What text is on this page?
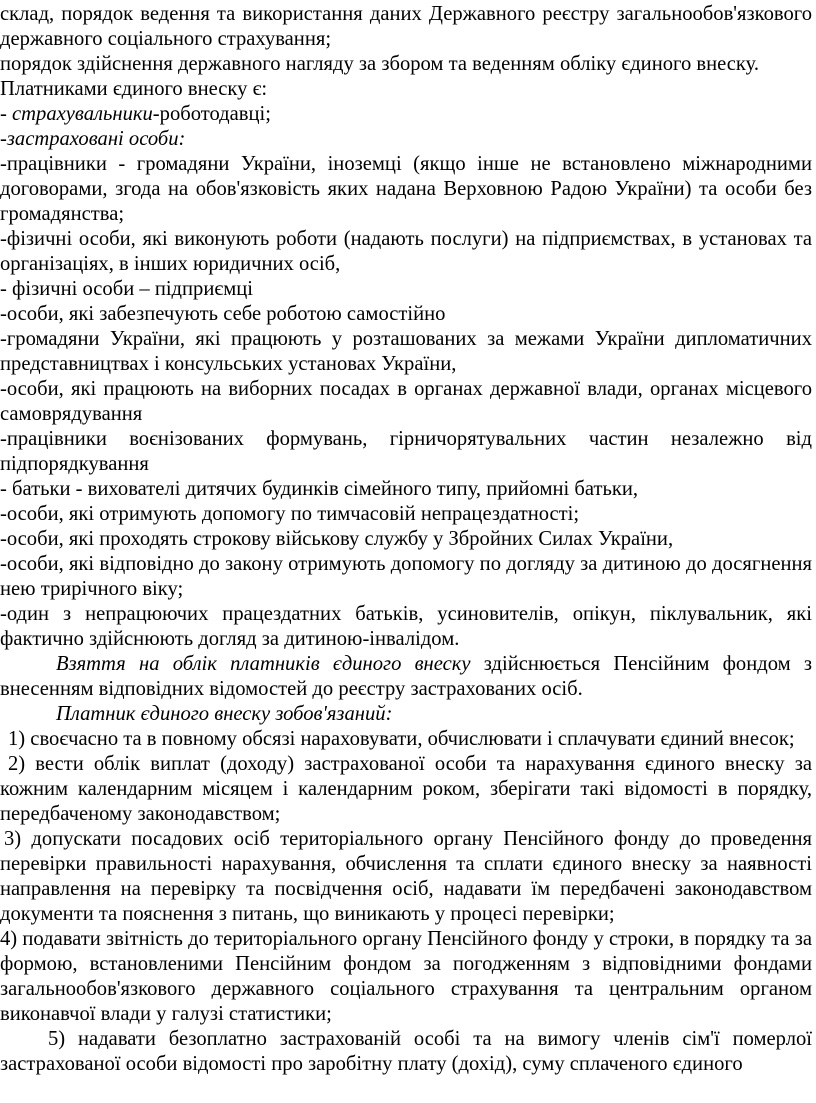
склад, порядок ведення та використання даних Державного реєстру загальнообов'язкового державного соціального страхування;

порядок здійснення державного нагляду за збором та веденням обліку єдиного внеску.

Платниками єдиного внеску є:

- страхувальники-роботодавці;

-застраховані особи:

-працівники - громадяни України, іноземці (якщо інше не встановлено міжнародними договорами, згода на обов'язковість яких надана Верховною Радою України) та особи без громадянства;

-фізичні особи, які виконують роботи (надають послуги) на підприємствах, в установах та організаціях, в інших юридичних осіб,

- фізичні особи – підприємці

-особи, які забезпечують себе роботою самостійно

-громадяни України, які працюють у розташованих за межами України дипломатичних представництвах і консульських установах України,

-особи, які працюють на виборних посадах в органах державної влади, органах місцевого самоврядування

-працівники воєнізованих формувань, гірничорятувальних частин незалежно від підпорядкування

- батьки - вихователі дитячих будинків сімейного типу, прийомні батьки,

-особи, які отримують допомогу по тимчасовій непрацездатності;

-особи, які проходять строкову військову службу у Збройних Силах України,

-особи, які відповідно до закону отримують допомогу по догляду за дитиною до досягнення нею трирічного віку;

-один з непрацюючих працездатних батьків, усиновителів, опікун, піклувальник, які фактично здійснюють догляд за дитиною-інвалідом.

Взяття на облік платників єдиного внеску здійснюється Пенсійним фондом з внесенням відповідних відомостей до реєстру застрахованих осіб.

Платник єдиного внеску зобов'язаний:

1) своєчасно та в повному обсязі нараховувати, обчислювати і сплачувати єдиний внесок;

2) вести облік виплат (доходу) застрахованої особи та нарахування єдиного внеску за кожним календарним місяцем і календарним роком, зберігати такі відомості в порядку, передбаченому законодавством;

3) допускати посадових осіб територіального органу Пенсійного фонду до проведення перевірки правильності нарахування, обчислення та сплати єдиного внеску за наявності направлення на перевірку та посвідчення осіб, надавати їм передбачені законодавством документи та пояснення з питань, що виникають у процесі перевірки;

4) подавати звітність до територіального органу Пенсійного фонду у строки, в порядку та за формою, встановленими Пенсійним фондом за погодженням з відповідними фондами загальнообов'язкового державного соціального страхування та центральним органом виконавчої влади у галузі статистики;

5) надавати безоплатно застрахованій особі та на вимогу членів сім'ї померлої застрахованої особи відомості про заробітну плату (дохід), суму сплаченого єдиного
